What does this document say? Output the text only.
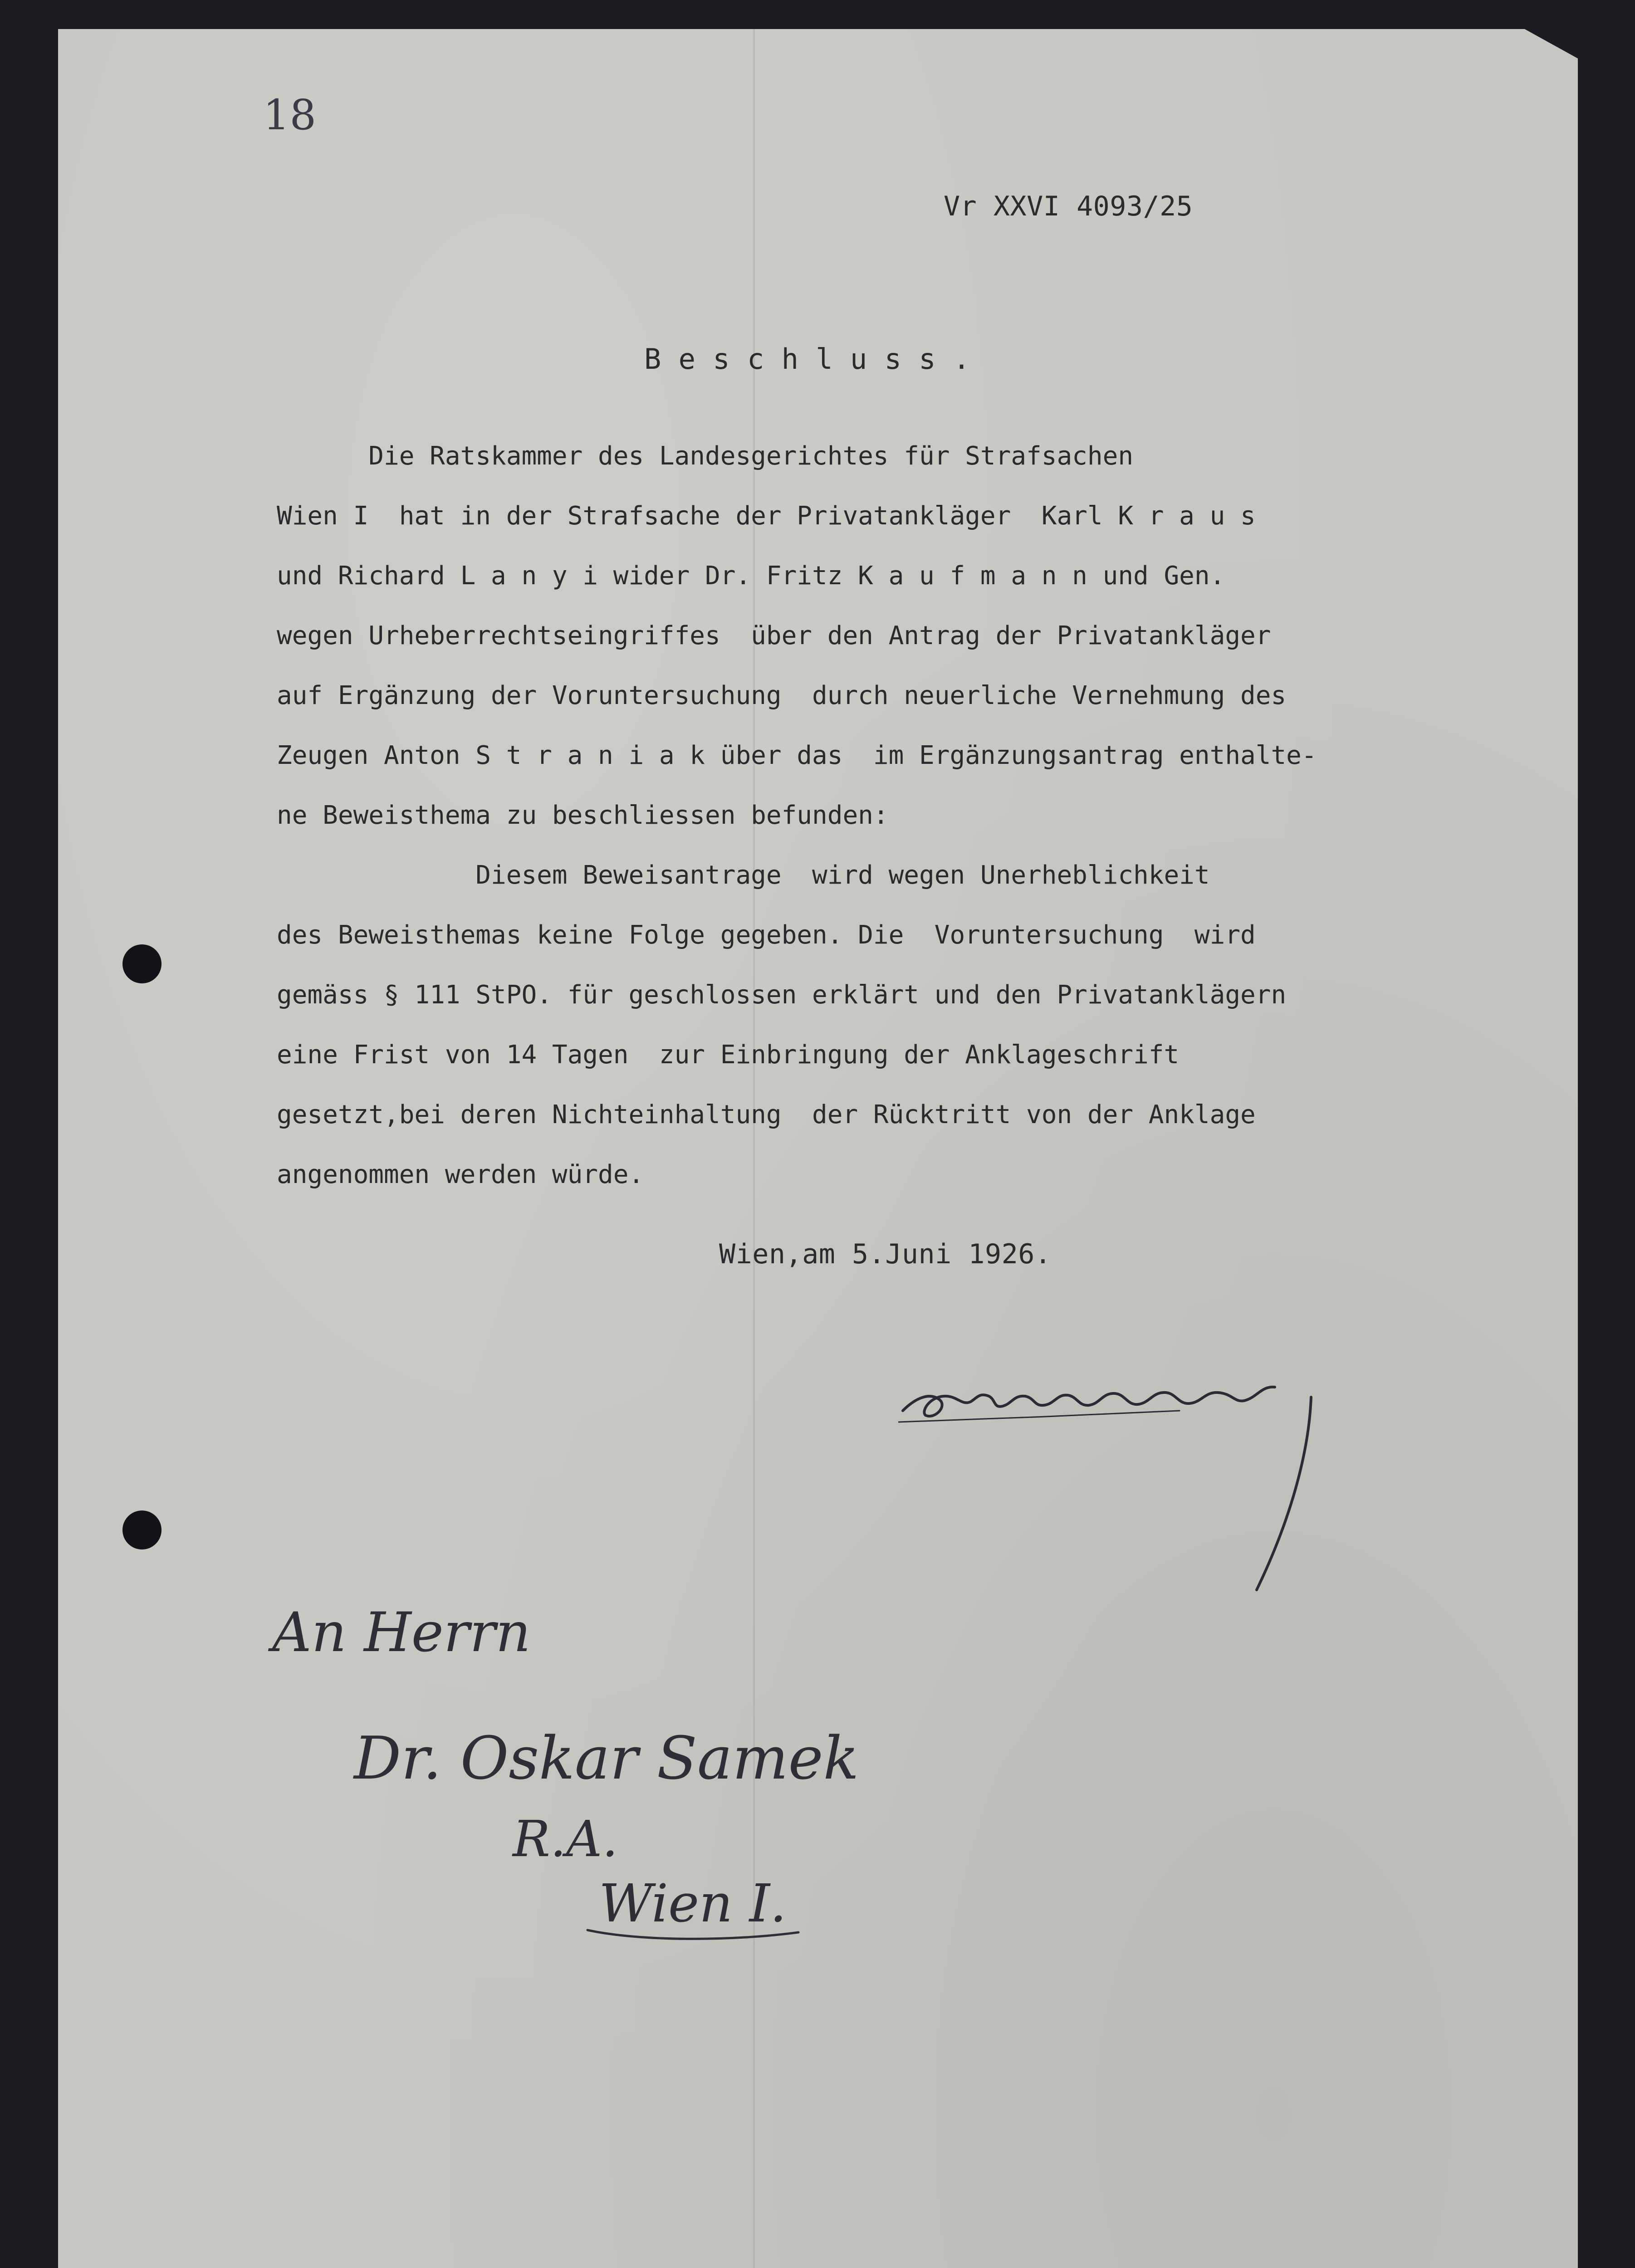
18
Vr XXVI 4093/25
B e s c h l u s s .
Die Ratskammer des Landesgerichtes für Strafsachen
Wien I  hat in der Strafsache der Privatankläger  Karl K r a u s
und Richard L a n y i wider Dr. Fritz K a u f m a n n und Gen.
wegen Urheberrechtseingriffes  über den Antrag der Privatankläger
auf Ergänzung der Voruntersuchung  durch neuerliche Vernehmung des
Zeugen Anton S t r a n i a k über das  im Ergänzungsantrag enthalte-
ne Beweisthema zu beschliessen befunden:
Diesem Beweisantrage  wird wegen Unerheblichkeit
des Beweisthemas keine Folge gegeben. Die  Voruntersuchung  wird
gemäss § 111 StPO. für geschlossen erklärt und den Privatanklägern
eine Frist von 14 Tagen  zur Einbringung der Anklageschrift
gesetzt,bei deren Nichteinhaltung  der Rücktritt von der Anklage
angenommen werden würde.
Wien,am 5.Juni 1926.
An Herrn
Dr. Oskar Samek
R.A.
Wien I.
